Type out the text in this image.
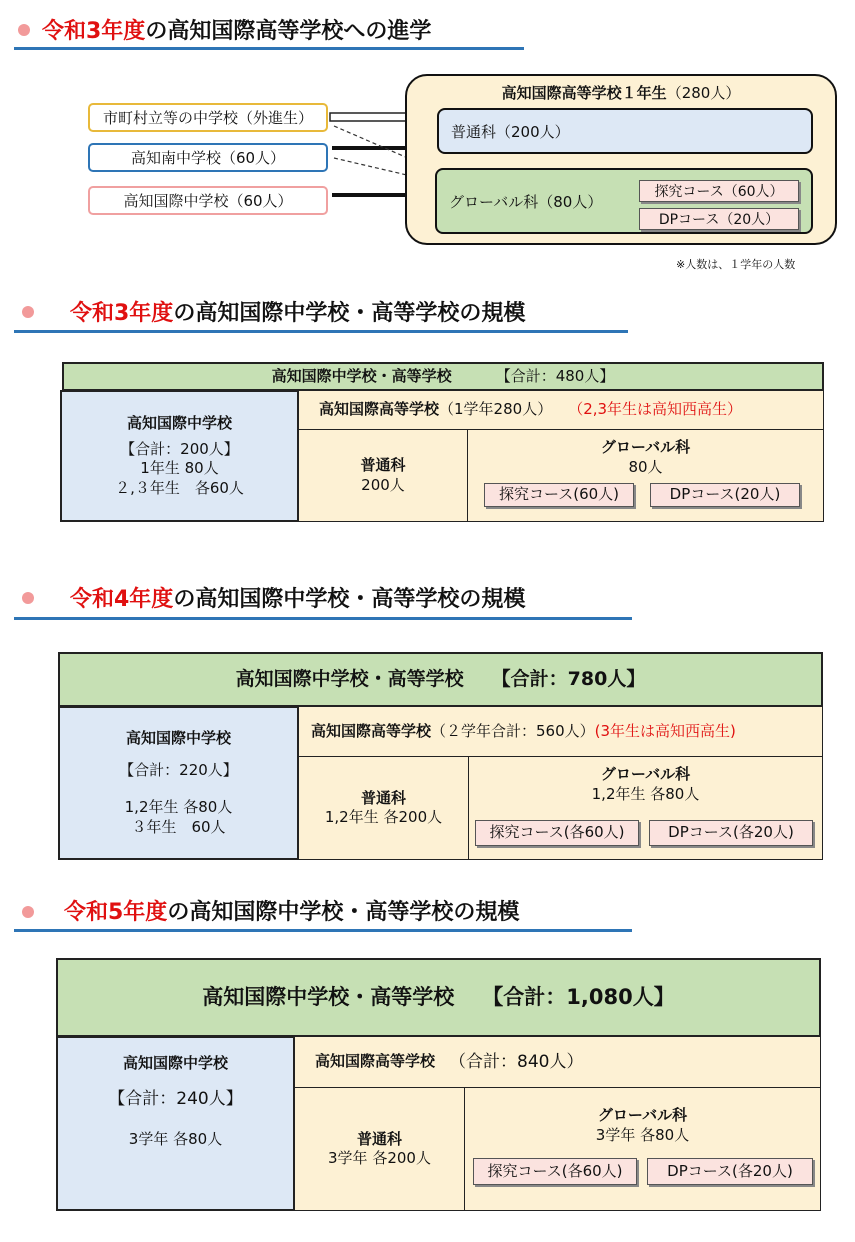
令和3年度の高知国際高等学校への進学
市町村立等の中学校（外進生）
高知南中学校（60人）
高知国際中学校（60人）
高知国際高等学校１年生（280人）
普通科（200人）
グローバル科（80人）
探究コース（60人）
DPコース（20人）
※人数は、１学年の人数
令和3年度の高知国際中学校・高等学校の規模
高知国際中学校・高等学校	【合計：480人】
高知国際中学校
【合計：200人】
1年生 80人
２,３年生　各60人
高知国際高等学校 （1学年280人） （2,3年生は高知西高生）
普通科
200人
グローバル科
80人
探究コース(60人)	DPコース(20人)
令和4年度の高知国際中学校・高等学校の規模
高知国際中学校・高等学校 【合計：780人】
高知国際中学校
【合計：220人】
1,2年生 各80人
３年生　60人
高知国際高等学校 （２学年合計：560人） (3年生は高知西高生)
普通科
1,2年生 各200人
グローバル科
1,2年生 各80人
探究コース(各60人)	DPコース(各20人)
令和5年度の高知国際中学校・高等学校の規模
高知国際中学校・高等学校 【合計：1,080人】
高知国際中学校
【合計：240人】
3学年 各80人
高知国際高等学校 （合計：840人）
普通科
3学年 各200人
グローバル科
3学年 各80人
探究コース(各60人)	DPコース(各20人)
